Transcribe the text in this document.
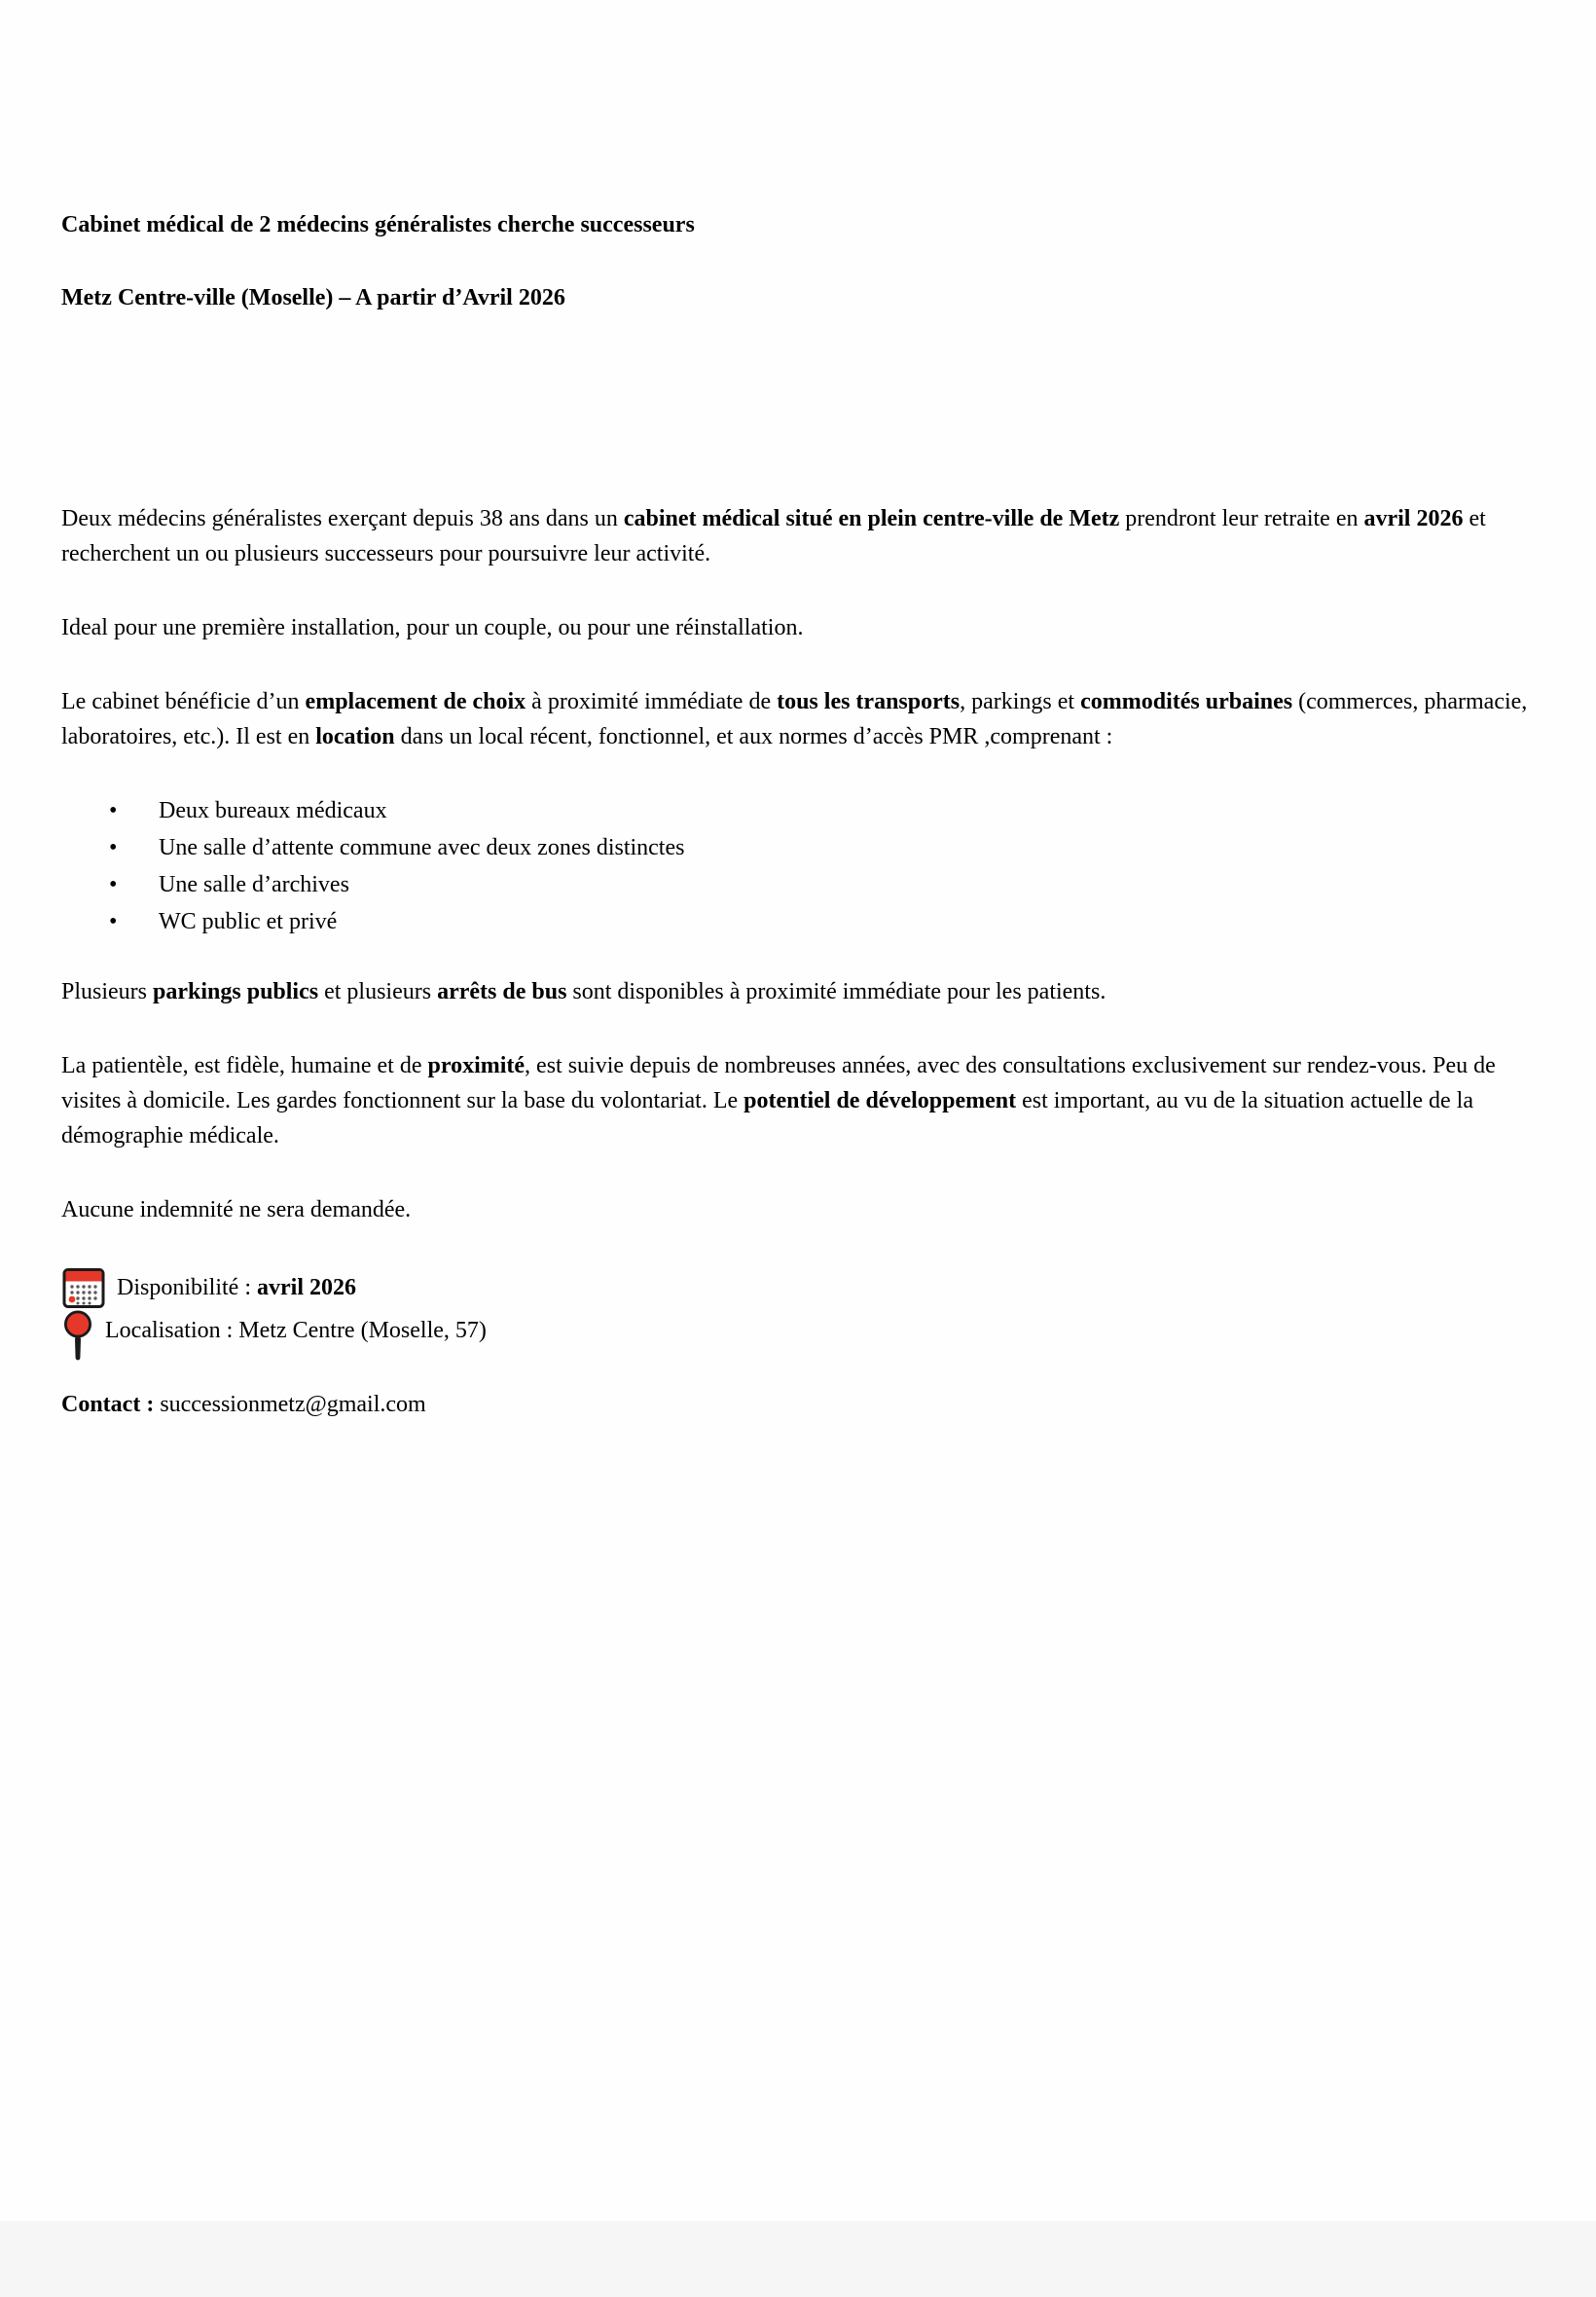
Cabinet médical de 2 médecins généralistes cherche successeurs
Metz Centre-ville (Moselle) – A partir d’Avril 2026

Deux médecins généralistes exerçant depuis 38 ans dans un cabinet médical situé en plein centre-ville de Metz prendront leur retraite en avril 2026 et recherchent un ou plusieurs successeurs pour poursuivre leur activité.

Ideal pour une première installation, pour un couple, ou pour une réinstallation.

Le cabinet bénéficie d’un emplacement de choix à proximité immédiate de tous les transports, parkings et commodités urbaines (commerces, pharmacie, laboratoires, etc.). Il est en location dans un local récent, fonctionnel, et aux normes d’accès PMR ,comprenant :

• Deux bureaux médicaux
• Une salle d’attente commune avec deux zones distinctes
• Une salle d’archives
• WC public et privé

Plusieurs parkings publics et plusieurs arrêts de bus sont disponibles à proximité immédiate pour les patients.

La patientèle, est fidèle, humaine et de proximité, est suivie depuis de nombreuses années, avec des consultations exclusivement sur rendez-vous. Peu de visites à domicile. Les gardes fonctionnent sur la base du volontariat. Le potentiel de développement est important, au vu de la situation actuelle de la démographie médicale.

Aucune indemnité ne sera demandée.

Disponibilité : avril 2026
Localisation : Metz Centre (Moselle, 57)

Contact : successionmetz@gmail.com
